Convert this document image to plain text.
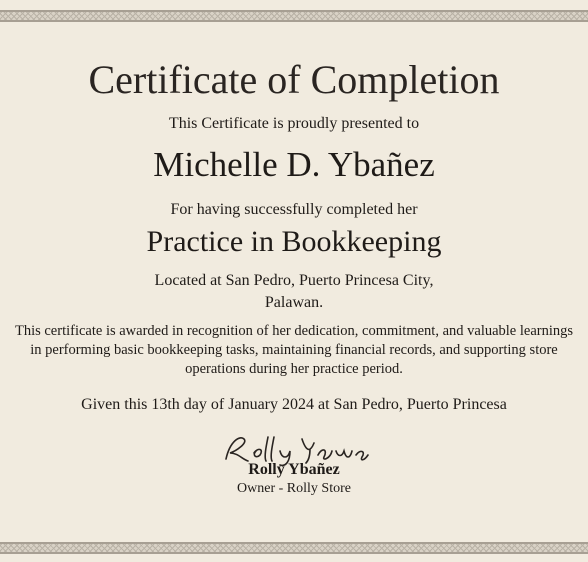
Certificate of Completion
This Certificate is proudly presented to
Michelle D. Ybañez
For having successfully completed her
Practice in Bookkeeping
Located at San Pedro, Puerto Princesa City,
Palawan.
This certificate is awarded in recognition of her dedication, commitment, and valuable learnings in performing basic bookkeeping tasks, maintaining financial records, and supporting store operations during her practice period.
Given this 13th day of January 2024 at San Pedro, Puerto Princesa
Rolly Ybañez
Owner - Rolly Store
